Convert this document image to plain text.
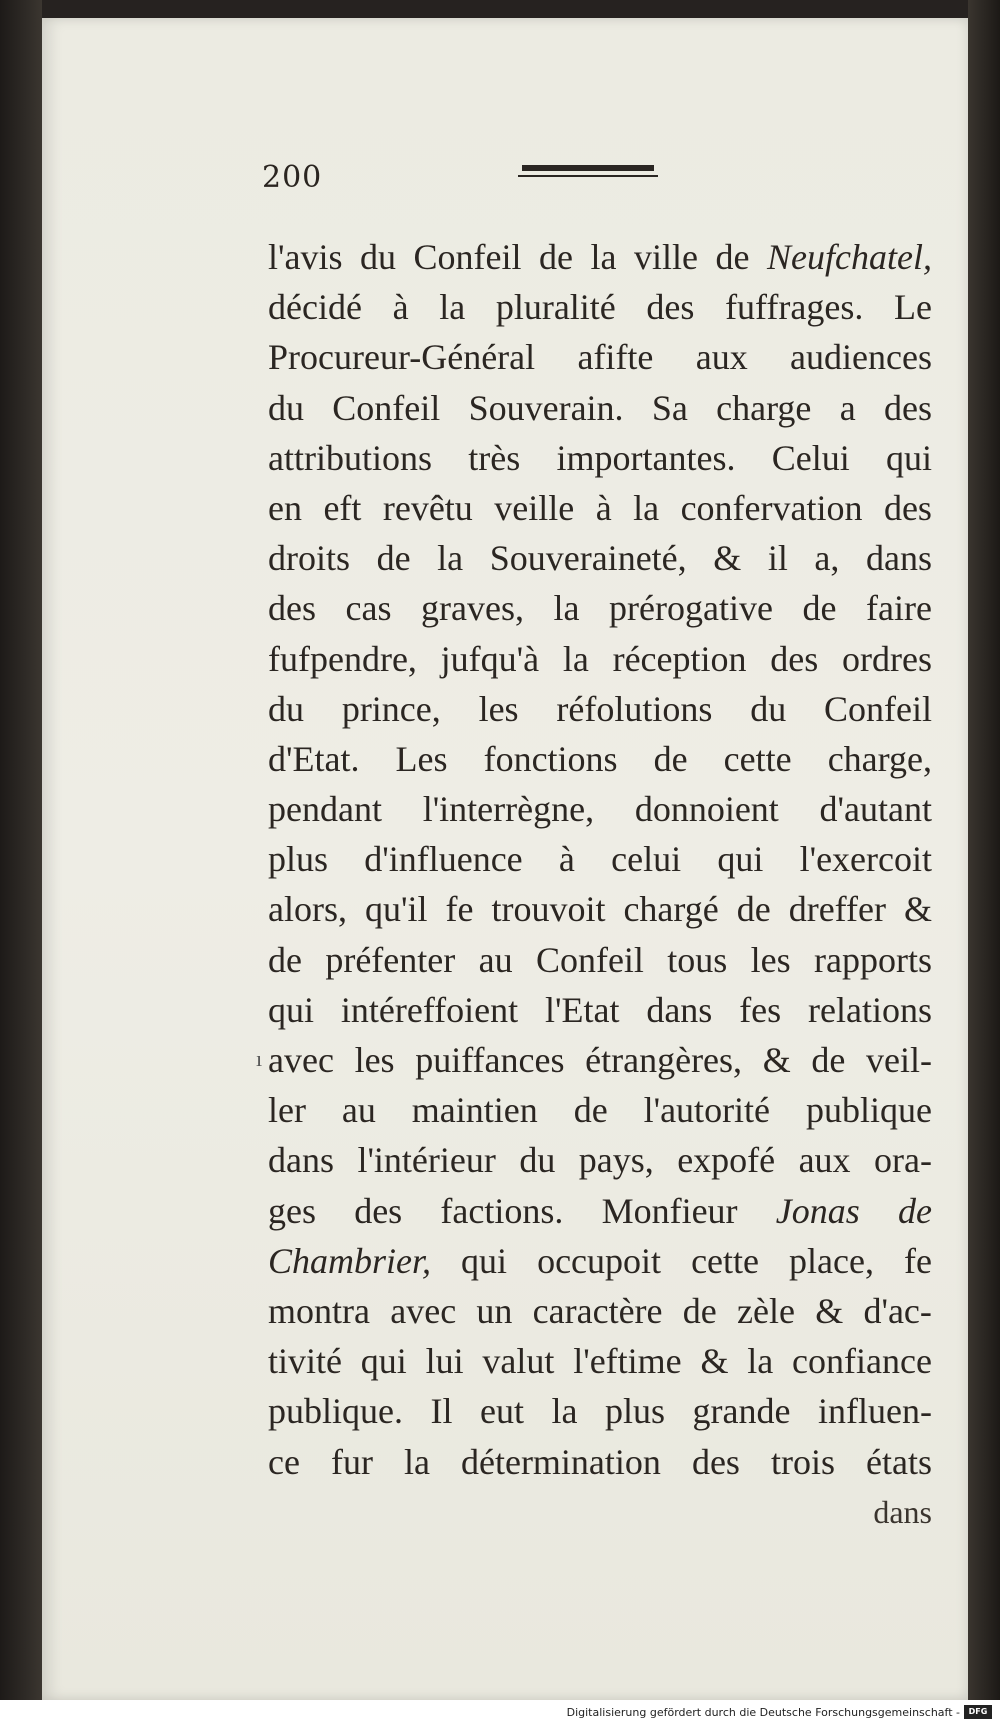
200
l'avis du Confeil de la ville de Neufchatel,
décidé à la pluralité des fuffrages. Le
Procureur-Général afifte aux audiences
du Confeil Souverain. Sa charge a des
attributions très importantes. Celui qui
en eft revêtu veille à la confervation des
droits de la Souveraineté, & il a, dans
des cas graves, la prérogative de faire
fufpendre, jufqu'à la réception des ordres
du prince, les réfolutions du Confeil
d'Etat. Les fonctions de cette charge,
pendant l'interrègne, donnoient d'autant
plus d'influence à celui qui l'exercoit
alors, qu'il fe trouvoit chargé de dreffer &
de préfenter au Confeil tous les rapports
qui intéreffoient l'Etat dans fes relations
avec les puiffances étrangères, & de veil-
ler au maintien de l'autorité publique
dans l'intérieur du pays, expofé aux ora-
ges des factions. Monfieur Jonas de
Chambrier, qui occupoit cette place, fe
montra avec un caractère de zèle & d'ac-
tivité qui lui valut l'eftime & la confiance
publique. Il eut la plus grande influen-
ce fur la détermination des trois états
ı
dans
Digitalisierung gefördert durch die Deutsche Forschungsgemeinschaft -	DFG
